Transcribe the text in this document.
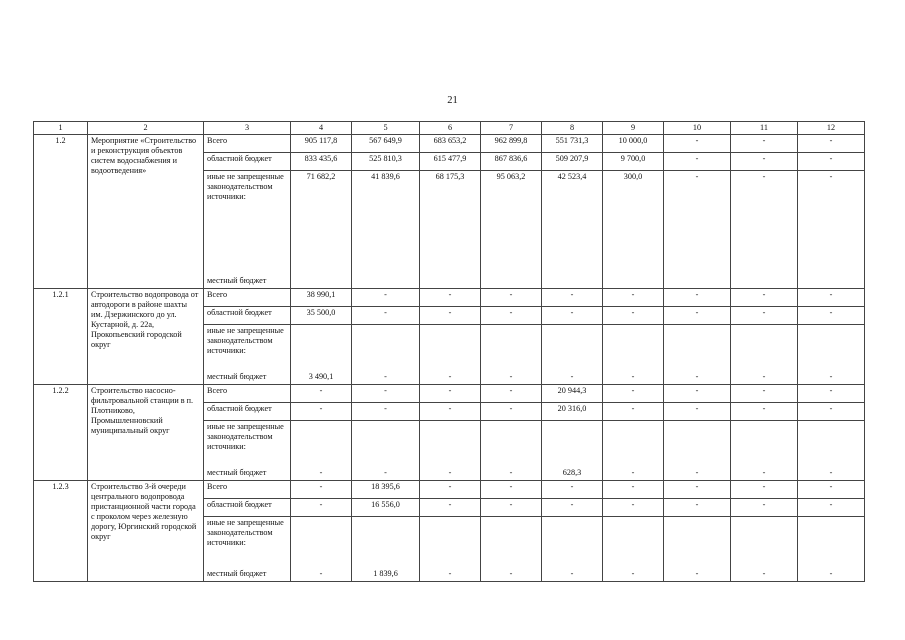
21
1	2	3	4	5	6	7	8	9	10	11	12
1.2	Мероприятие «Строительство и реконструкция объектов систем водоснабжения и водоотведения»	Всего	905 117,8	567 649,9	683 653,2	962 899,8	551 731,3	10 000,0	-	-	-
		областной бюджет	833 435,6	525 810,3	615 477,9	867 836,6	509 207,9	9 700,0	-	-	-

		иные не запрещенные законодательством источники:
местный бюджет	71 682,2	41 839,6	68 175,3	95 063,2	42 523,4	300,0	-	-	-
1.2.1	Строительство водопровода от автодороги в районе шахты им. Дзержинского до ул. Кустарной, д. 22а, Прокопьевский городской округ	Всего	38 990,1	-	-	-	-	-	-	-	-
		областной бюджет	35 500,0	-	-	-	-	-	-	-	-

		иные не запрещенные законодательством источники:
местный бюджет	3 490,1	-	-	-	-	-	-	-	-

1.2.2	Строительство насосно-фильтровальной станции в п. Плотниково, Промышленновский муниципальный округ	Всего	-	-	-	-	20 944,3	-	-	-	-
		областной бюджет	-	-	-	-	20 316,0	-	-	-	-

		иные не запрещенные законодательством источники:
местный бюджет	-	-	-	-	628,3	-	-	-	-

1.2.3	Строительство 3-й очереди центрального водопровода пристанционной части города с проколом через железную дорогу, Юргинский городской округ	Всего	-	18 395,6	-	-	-	-	-	-	-
		областной бюджет	-	16 556,0	-	-	-	-	-	-	-

		иные не запрещенные законодательством источники:
местный бюджет	-	1 839,6	-	-	-	-	-	-	-
